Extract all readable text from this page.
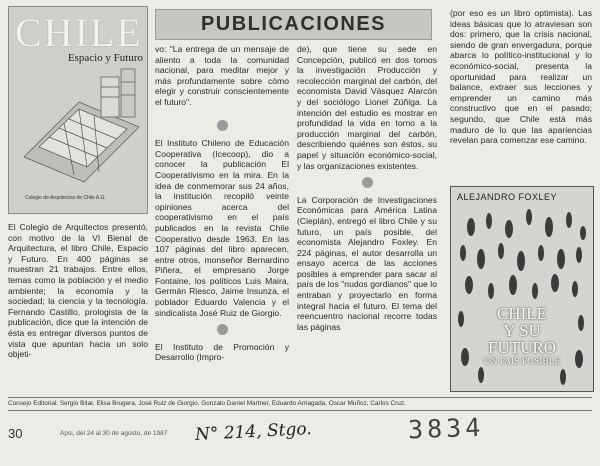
CHILE
Espacio y Futuro
Colegio de Arquitectos de Chile A.G.
PUBLICACIONES

El Colegio de Arquitectos presentó, con motivo de la VI Bienal de Arquitectura, el libro Chile, Espacio y Futuro. En 400 páginas se muestran 21 trabajos. Entre ellos, temas como la población y el medio ambiente; la economía y la sociedad; la ciencia y la tecnología. Fernando Castillo, prologista de la publicación, dice que la intención de ésta es entregar diversos puntos de vista que apuntan hacia un solo objeti-

vo: "La entrega de un mensaje de aliento a toda la comunidad nacional, para meditar mejor y más profundamente sobre cómo elegir y construir conscientemente el futuro".

El Instituto Chileno de Educación Cooperativa (Icecoop), dio a conocer la publicación El Cooperativismo en la mira. En la idea de conmemorar sus 24 años, la institución recopiló veinte opiniones acerca del cooperativismo en el país publicados en la revista Chile Cooperativo desde 1963. En las 107 páginas del libro aparecen, entre otros, monseñor Bernardino Piñera, el empresario Jorge Fontaine, los políticos Luis Maira, Germán Riesco, Jaime Insunza, el poblador Eduardo Valencia y el sindicalista José Ruiz de Giorgio.

El Instituto de Promoción y Desarrollo (Impro-

de), que tiene su sede en Concepción, publicó en dos tomos la investigación Producción y recolección marginal del carbón, del economista David Vásquez Alarcón y del sociólogo Lionel Zúñiga. La intención del estudio es mostrar en profundidad la vida en torno a la producción marginal del carbón, describiendo quiénes son éstos, su papel y situación económico-social, y las organizaciones existentes.

La Corporación de Investigaciones Económicas para América Latina (Cieplán), entregó el libro Chile y su futuro, un país posible, del economista Alejandro Foxley. En 224 páginas, el autor desarrolla un ensayo acerca de las acciones posibles a emprender para sacar al país de los "nudos gordianos" que lo entraban y proyectarlo en forma integral hacia el futuro. El tema del reencuentro nacional recorre todas las páginas

(por eso es un libro optimista). Las ideas básicas que lo atraviesan son dos: primero, que la crisis nacional, siendo de gran envergadura, porque abarca lo político-institucional y lo económico-social, presenta la oportunidad para realizar un balance, extraer sus lecciones y emprender un camino más constructivo que en el pasado; segundo, que Chile está más maduro de lo que las apariencias revelan para comenzar ese camino.

ALEJANDRO FOXLEY
CHILE
Y SU
FUTURO
UN PAIS POSIBLE
Consejo Editorial: Sergio Bitar, Elisa Brugera, José Ruiz de Giorgio, Gonzalo Daniel Martner, Eduardo Arriagada, Oscar Muñoz, Carlos Cruz.
30	Apsi, del 24 al 30 de agosto, de 1987 N° 214, Stgo.	3834
